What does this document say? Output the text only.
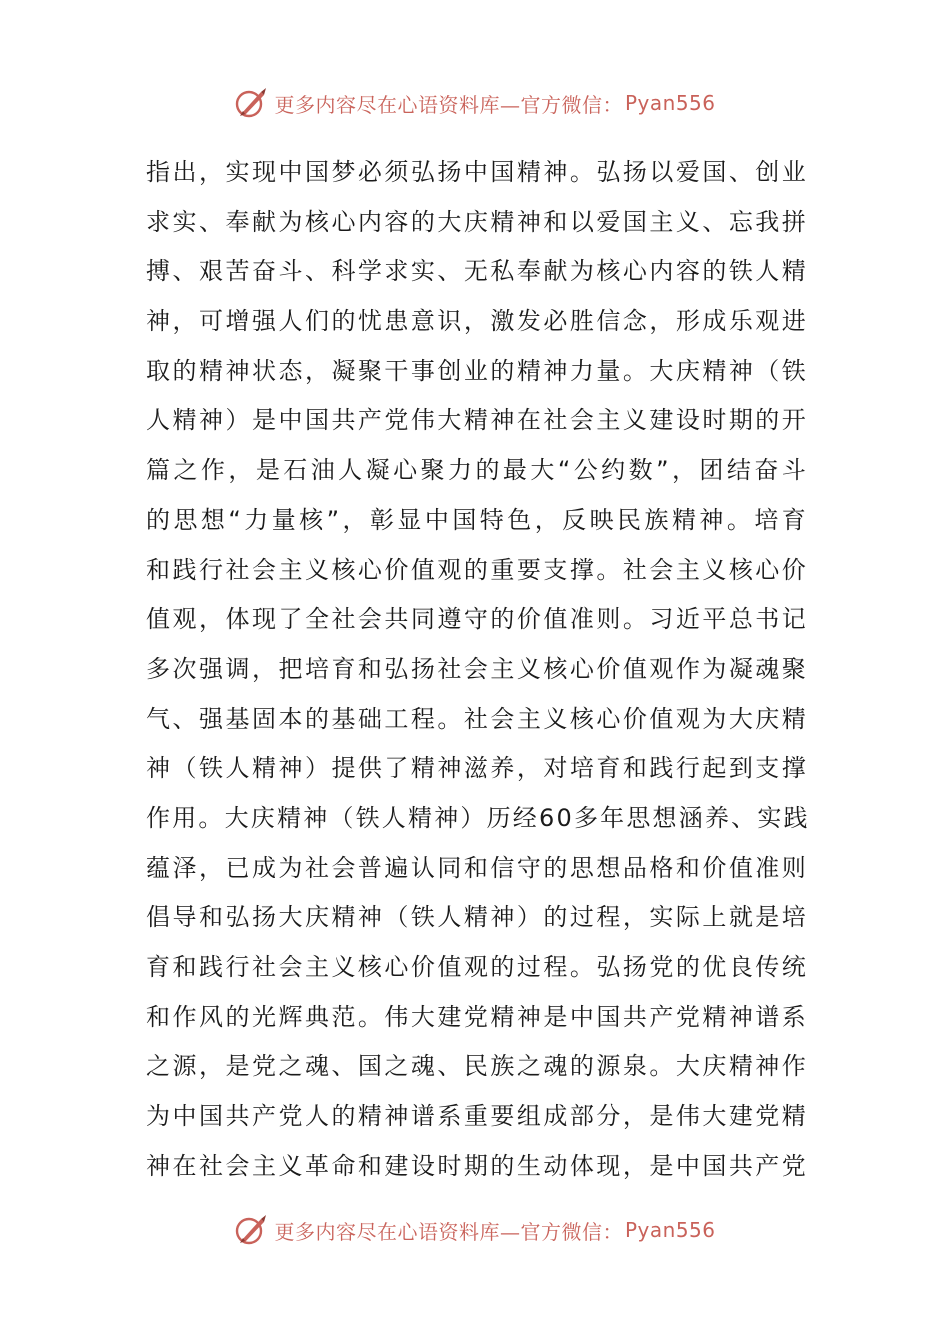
更多内容尽在心语资料库—官方微信： Pyan556
指出，实现中国梦必须弘扬中国精神。弘扬以爱国、创业
求实、奉献为核心内容的大庆精神和以爱国主义、忘我拼
搏、艰苦奋斗、科学求实、无私奉献为核心内容的铁人精
神，可增强人们的忧患意识，激发必胜信念，形成乐观进
取的精神状态，凝聚干事创业的精神力量。大庆精神（铁
人精神）是中国共产党伟大精神在社会主义建设时期的开
篇之作，是石油人凝心聚力的最大“公约数”，团结奋斗
的思想“力量核”，彰显中国特色，反映民族精神。培育
和践行社会主义核心价值观的重要支撑。社会主义核心价
值观，体现了全社会共同遵守的价值准则。习近平总书记
多次强调，把培育和弘扬社会主义核心价值观作为凝魂聚
气、强基固本的基础工程。社会主义核心价值观为大庆精
神（铁人精神）提供了精神滋养，对培育和践行起到支撑
作用。大庆精神（铁人精神）历经60多年思想涵养、实践
蕴泽，已成为社会普遍认同和信守的思想品格和价值准则
倡导和弘扬大庆精神（铁人精神）的过程，实际上就是培
育和践行社会主义核心价值观的过程。弘扬党的优良传统
和作风的光辉典范。伟大建党精神是中国共产党精神谱系
之源，是党之魂、国之魂、民族之魂的源泉。大庆精神作
为中国共产党人的精神谱系重要组成部分，是伟大建党精
神在社会主义革命和建设时期的生动体现，是中国共产党
更多内容尽在心语资料库—官方微信： Pyan556
